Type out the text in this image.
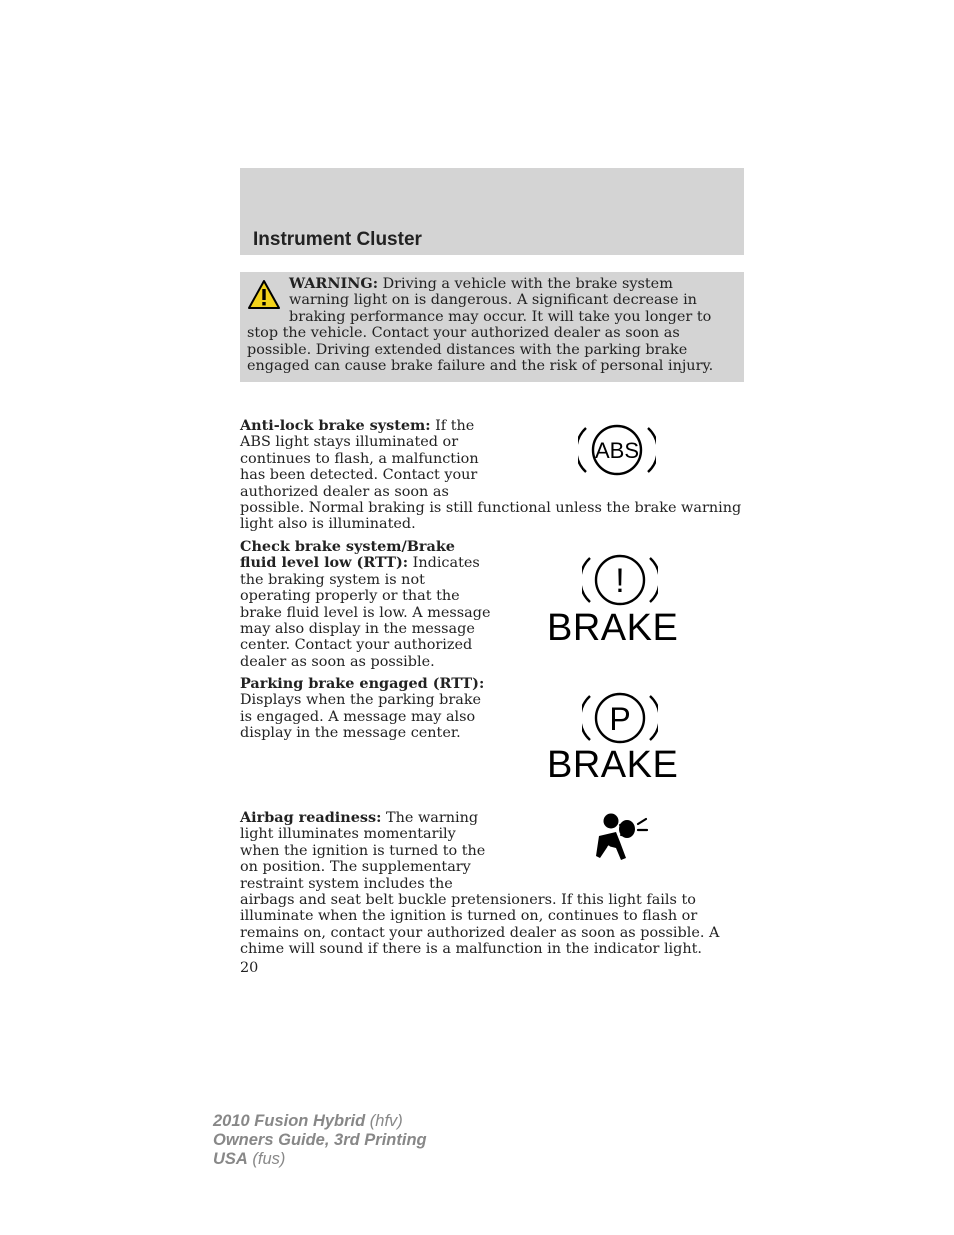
Instrument Cluster
WARNING: Driving a vehicle with the brake system warning light on is dangerous. A significant decrease in braking performance may occur. It will take you longer to stop the vehicle. Contact your authorized dealer as soon as possible. Driving extended distances with the parking brake engaged can cause brake failure and the risk of personal injury.
Anti-lock brake system: If the ABS light stays illuminated or continues to flash, a malfunction has been detected. Contact your authorized dealer as soon as possible. Normal braking is still functional unless the brake warning light also is illuminated.
ABS
Check brake system/Brake fluid level low (RTT): Indicates the braking system is not operating properly or that the brake fluid level is low. A message may also display in the message center. Contact your authorized dealer as soon as possible.
!
BRAKE
Parking brake engaged (RTT): Displays when the parking brake is engaged. A message may also display in the message center.	P
BRAKE
Airbag readiness: The warning light illuminates momentarily when the ignition is turned to the on position. The supplementary restraint system includes the airbags and seat belt buckle pretensioners. If this light fails to illuminate when the ignition is turned on, continues to flash or remains on, contact your authorized dealer as soon as possible. A chime will sound if there is a malfunction in the indicator light.
20
2010 Fusion Hybrid (hfv)
Owners Guide, 3rd Printing
USA (fus)
